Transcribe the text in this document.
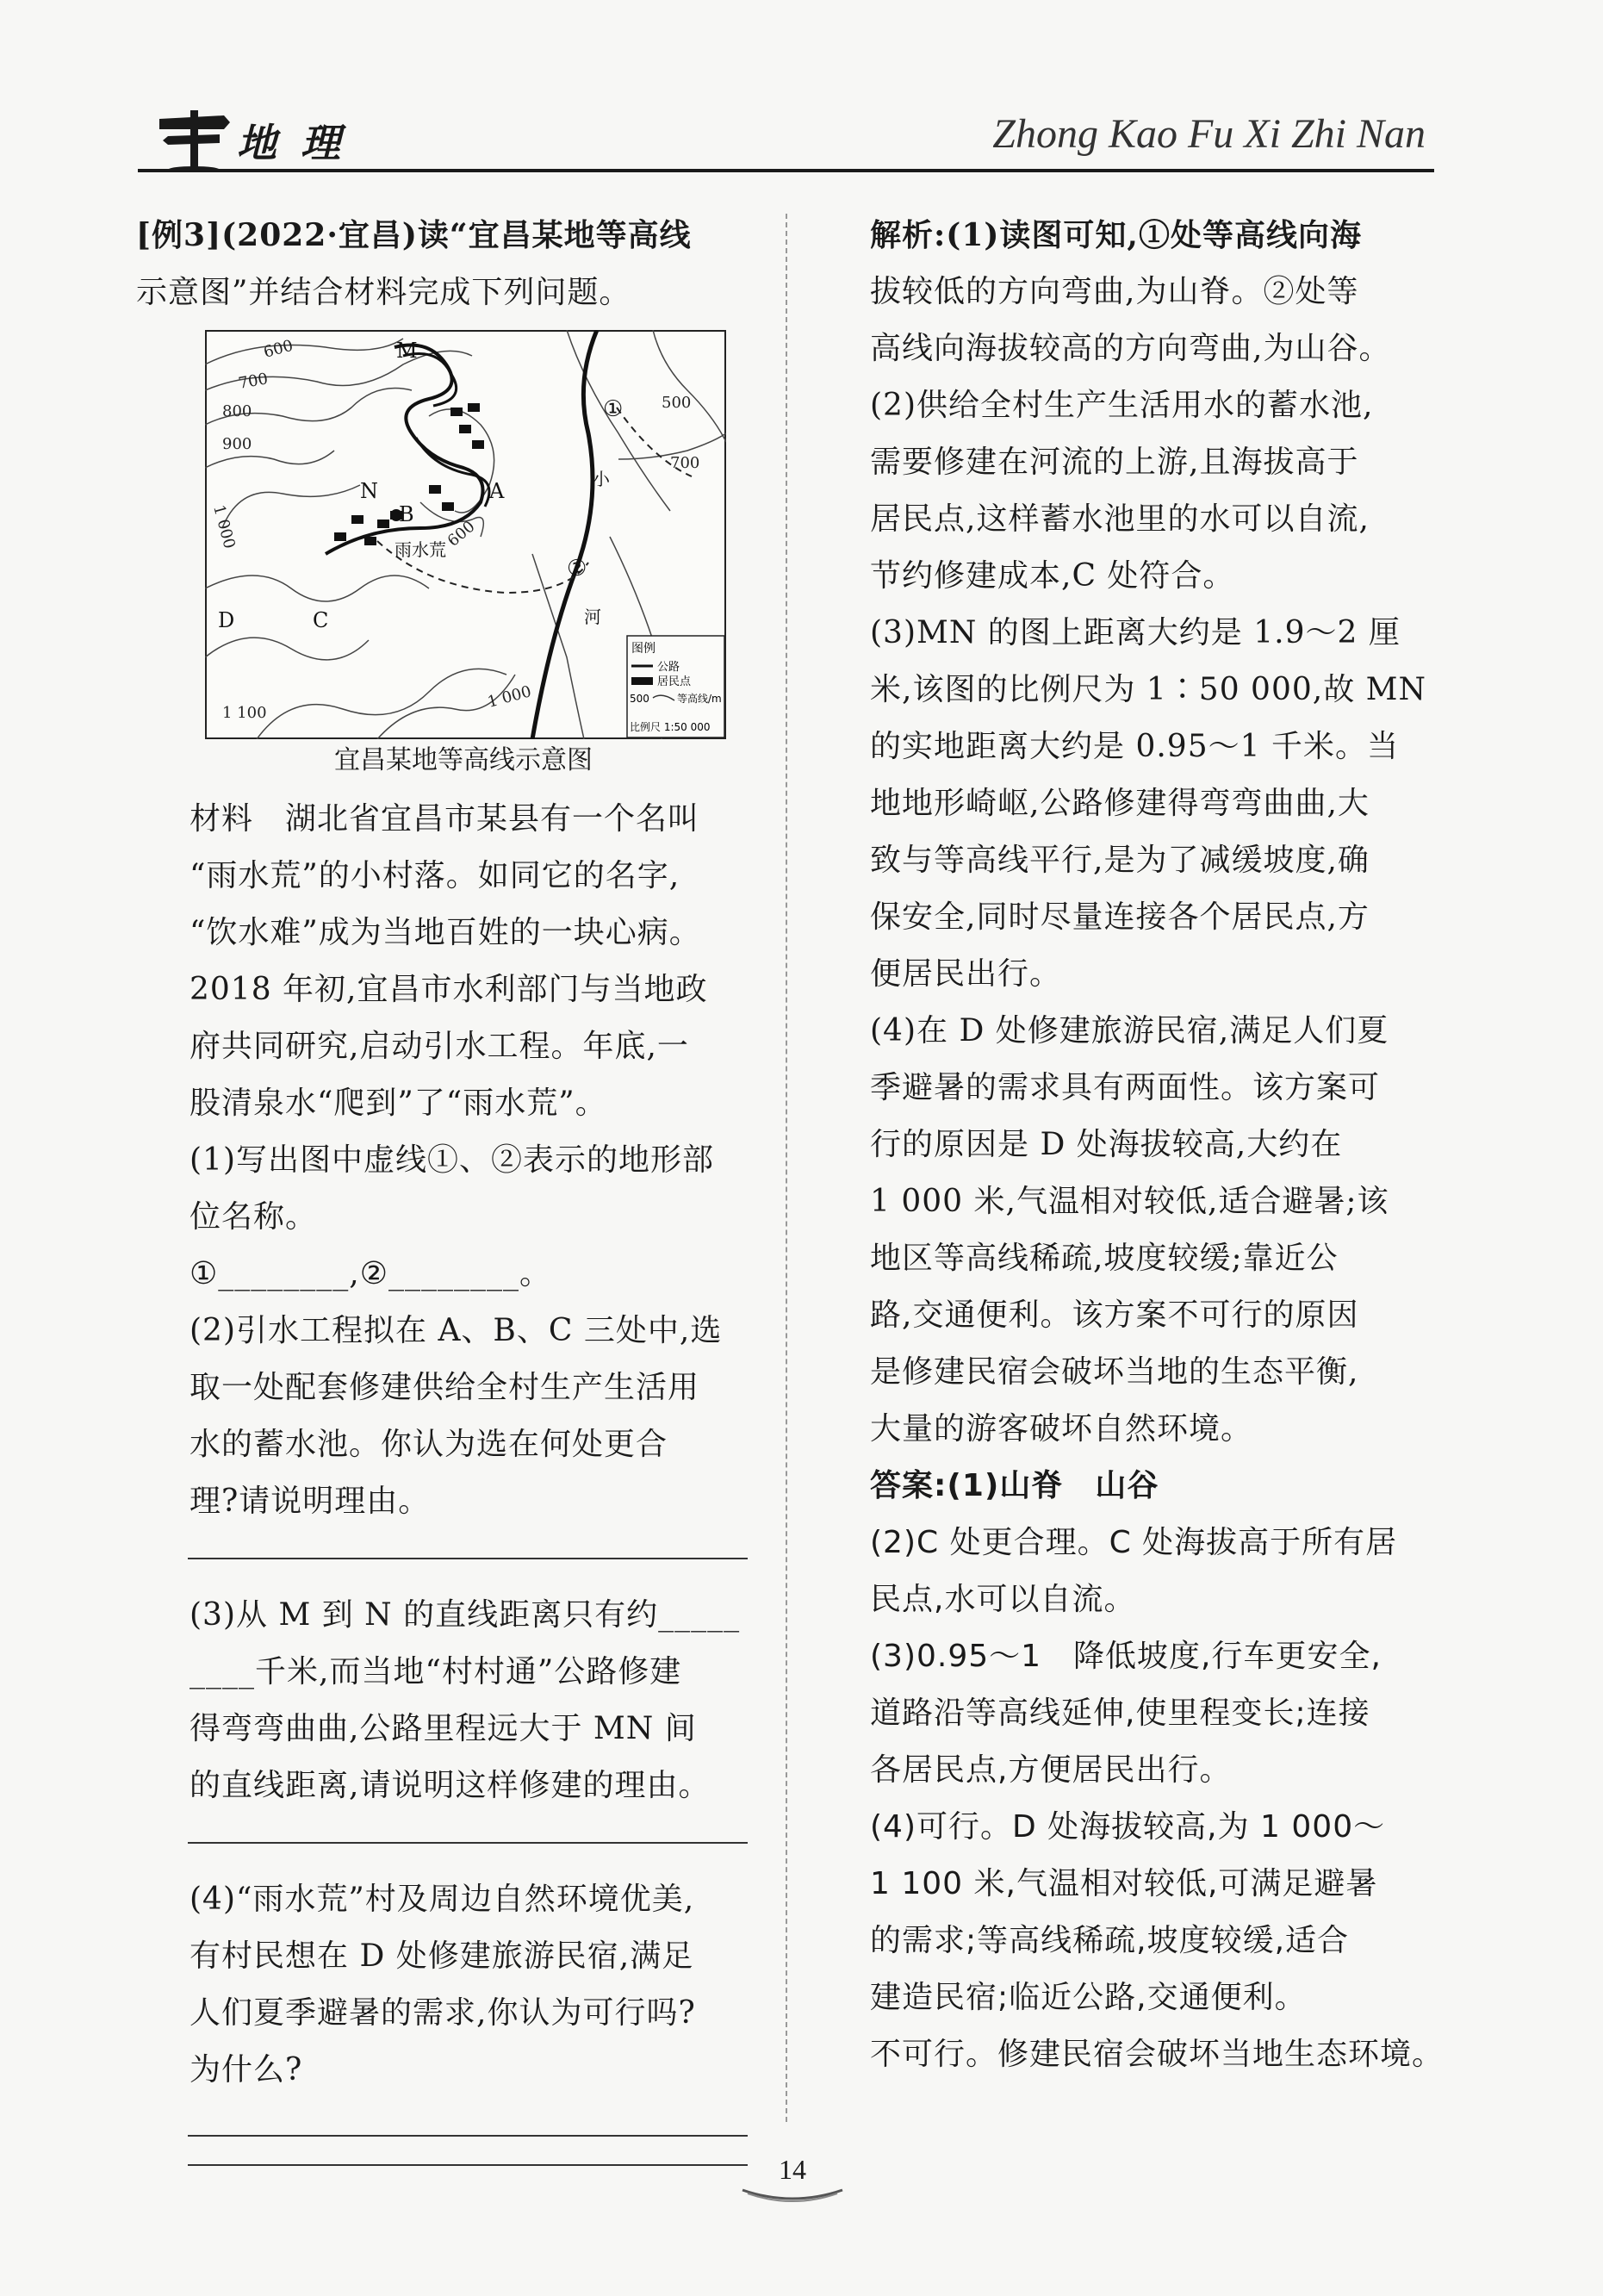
地理	Zhong Kao Fu Xi Zhi Nan
[例3](2022·宜昌)读“宜昌某地等高线
示意图”并结合材料完成下列问题。
600
700
800
900
1 000
500
700
1 000
1 100
600
M
N	A
B
C
D
雨水荒
小
河
①
②
图例
公路
居民点
500	等高线/m
比例尺 1:50 000
宜昌某地等高线示意图
材料　湖北省宜昌市某县有一个名叫
“雨水荒”的小村落。如同它的名字,
“饮水难”成为当地百姓的一块心病。
2018 年初,宜昌市水利部门与当地政
府共同研究,启动引水工程。年底,一
股清泉水“爬到”了“雨水荒”。
(1)写出图中虚线①、②表示的地形部
位名称。
①________,②________。
(2)引水工程拟在 A、B、C 三处中,选
取一处配套修建供给全村生产生活用
水的蓄水池。你认为选在何处更合
理?请说明理由。
(3)从 M 到 N 的直线距离只有约_____
____千米,而当地“村村通”公路修建
得弯弯曲曲,公路里程远大于 MN 间
的直线距离,请说明这样修建的理由。
(4)“雨水荒”村及周边自然环境优美,
有村民想在 D 处修建旅游民宿,满足
人们夏季避暑的需求,你认为可行吗?
为什么?
解析:(1)读图可知,①处等高线向海
拔较低的方向弯曲,为山脊。②处等
高线向海拔较高的方向弯曲,为山谷。
(2)供给全村生产生活用水的蓄水池,
需要修建在河流的上游,且海拔高于
居民点,这样蓄水池里的水可以自流,
节约修建成本,C 处符合。
(3)MN 的图上距离大约是 1.9～2 厘
米,该图的比例尺为 1∶50 000,故 MN
的实地距离大约是 0.95～1 千米。当
地地形崎岖,公路修建得弯弯曲曲,大
致与等高线平行,是为了减缓坡度,确
保安全,同时尽量连接各个居民点,方
便居民出行。
(4)在 D 处修建旅游民宿,满足人们夏
季避暑的需求具有两面性。该方案可
行的原因是 D 处海拔较高,大约在
1 000 米,气温相对较低,适合避暑;该
地区等高线稀疏,坡度较缓;靠近公
路,交通便利。该方案不可行的原因
是修建民宿会破坏当地的生态平衡,
大量的游客破坏自然环境。
答案:(1)山脊　山谷
(2)C 处更合理。C 处海拔高于所有居
民点,水可以自流。
(3)0.95～1　降低坡度,行车更安全,
道路沿等高线延伸,使里程变长;连接
各居民点,方便居民出行。
(4)可行。D 处海拔较高,为 1 000～
1 100 米,气温相对较低,可满足避暑
的需求;等高线稀疏,坡度较缓,适合
建造民宿;临近公路,交通便利。
不可行。修建民宿会破坏当地生态环境。
14
